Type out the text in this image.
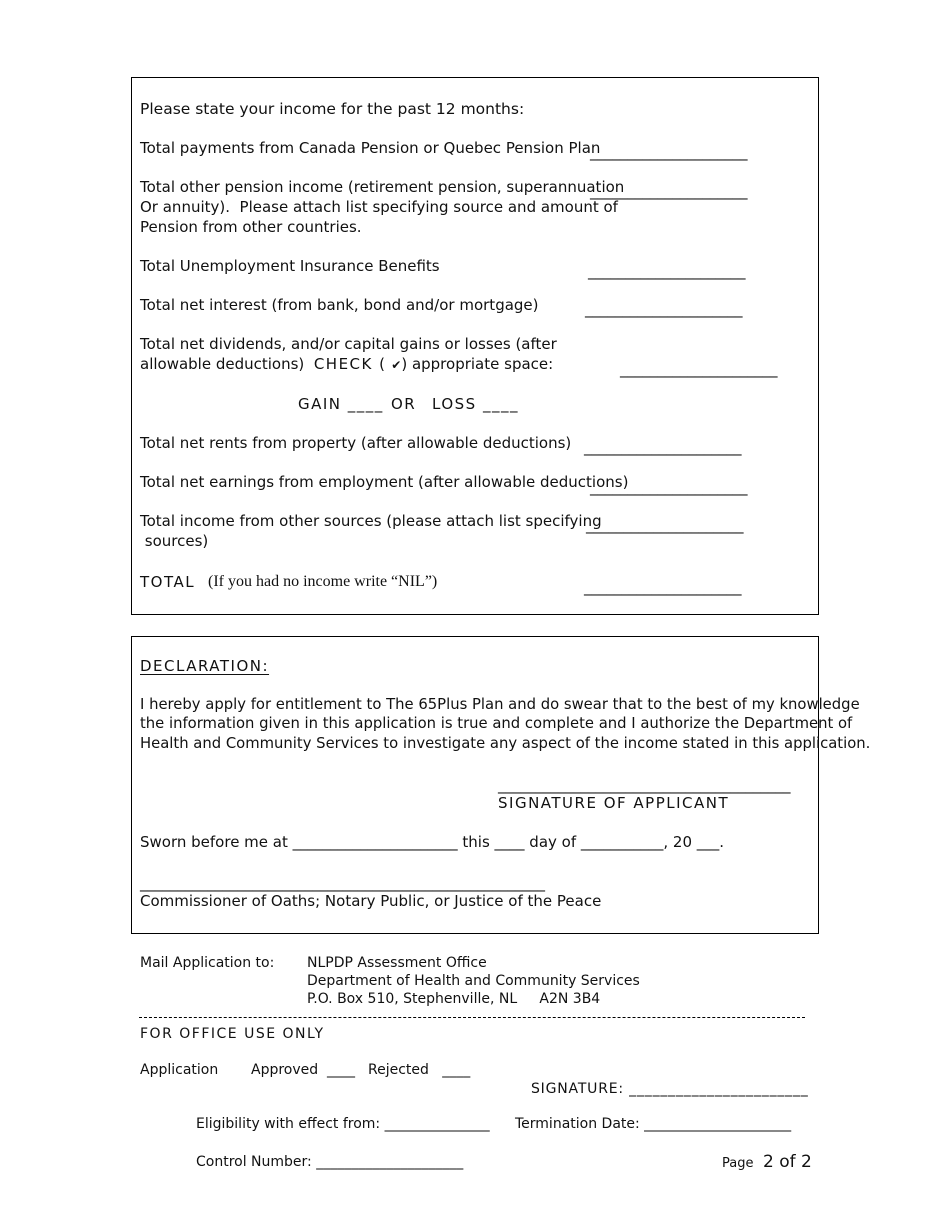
Please state your income for the past 12 months:
Total payments from Canada Pension or Quebec Pension Plan
_____________________
Total other pension income (retirement pension, superannuation
Or annuity).  Please attach list specifying source and amount of
Pension from other countries.
_____________________
Total Unemployment Insurance Benefits	_____________________
Total net interest (from bank, bond and/or mortgage)	_____________________
Total net dividends, and/or capital gains or losses (after
allowable deductions)  CHECK ( ✔) appropriate space:	_____________________
GAIN ____ OR LOSS ____
Total net rents from property (after allowable deductions) _____________________
Total net earnings from employment (after allowable deductions)
_____________________
Total income from other sources (please attach list specifying
sources)
_____________________
TOTAL (If you had no income write “NIL”)	_____________________
DECLARATION:
I hereby apply for entitlement to The 65Plus Plan and do swear that to the best of my knowledge
the information given in this application is true and complete and I authorize the Department of
Health and Community Services to investigate any aspect of the income stated in this application.
_______________________________________
SIGNATURE OF APPLICANT
Sworn before me at ______________________ this ____ day of ___________, 20 ___.
______________________________________________________
Commissioner of Oaths; Notary Public, or Justice of the Peace
Mail Application to: NLPDP Assessment Office
Department of Health and Community Services
P.O. Box 510, Stephenville, NL     A2N 3B4
FOR OFFICE USE ONLY
Application Approved  ____ Rejected   ____
SIGNATURE: _______________________
Eligibility with effect from: _______________ Termination Date: _____________________
Control Number: _____________________	Page 2 of 2
